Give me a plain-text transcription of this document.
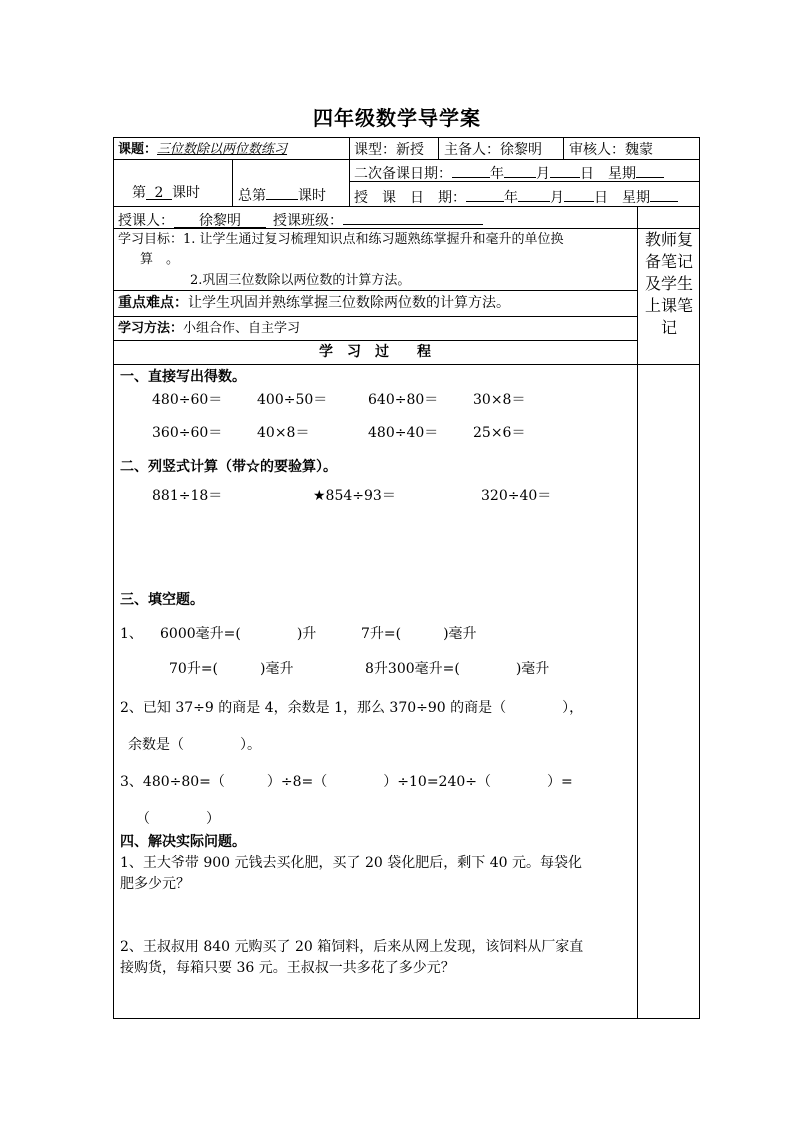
四年级数学导学案
课题：三位数除以两位数练习	课型：新授 主备人：徐黎明 审核人：魏蒙
第 2 课时	总第 课时
二次备课日期：	年 月 日  星期
授　课　日　期：	年 月 日  星期
授课人： 徐黎明  授课班级：
学习目标：1. 让学生通过复习梳理知识点和练习题熟练掌握升和毫升的单位换
算　。
2.巩固三位数除以两位数的计算方法。
重点难点：让学生巩固并熟练掌握三位数除两位数的计算方法。
学习方法：小组合作、自主学习
学　习　过　　程
教师复
备笔记
及学生
上课笔
记
一、直接写出得数。
480÷60＝ 400÷50＝	640÷80＝ 30×8＝
360÷60＝ 40×8＝	480÷40＝ 25×6＝
二、列竖式计算（带☆的要验算）。
881÷18＝	★854÷93＝	320÷40＝
三、填空题。
1、 6000毫升=(　　　　)升	7升=(　　　)毫升
70升=(　　　)毫升	8升300毫升=(　　　　)毫升
2、已知 37÷9 的商是 4，余数是 1，那么 370÷90 的商是（　　　　），
余数是（　　　　）。
3、480÷80=（　　　）÷8=（　　　　）÷10=240÷（　　　　）=
（　　　　）
四、解决实际问题。
1、王大爷带 900 元钱去买化肥，买了 20 袋化肥后，剩下 40 元。每袋化
肥多少元？
2、王叔叔用 840 元购买了 20 箱饲料，后来从网上发现，该饲料从厂家直
接购货，每箱只要 36 元。王叔叔一共多花了多少元？
